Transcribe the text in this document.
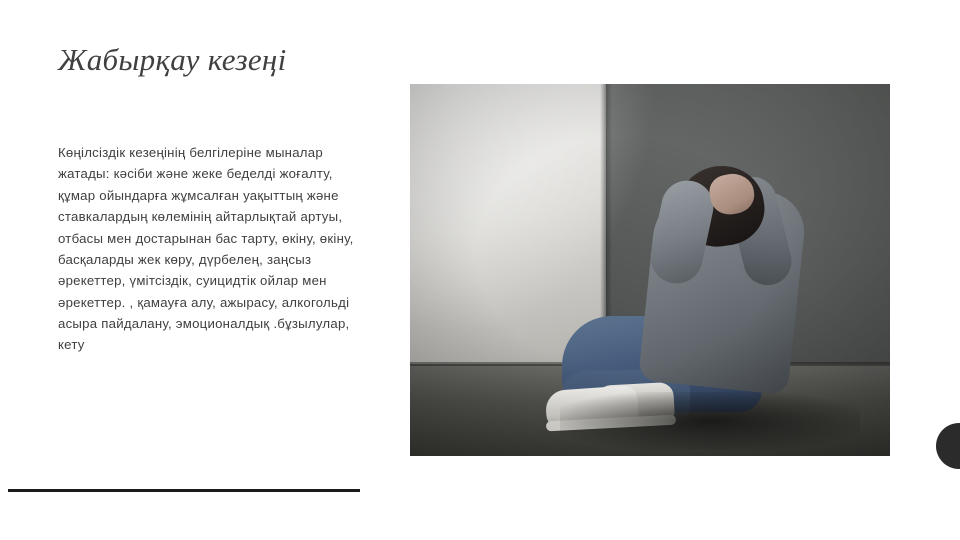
Жабырқау кезеңі
Көңілсіздік кезеңінің белгілеріне мыналар жатады: кәсіби және жеке беделді жоғалту, құмар ойындарға жұмсалған уақыттың және ставкалардың көлемінің айтарлықтай артуы, отбасы мен достарынан бас тарту, өкіну, өкіну, басқаларды жек көру, дүрбелең, заңсыз әрекеттер, үмітсіздік, суицидтік ойлар мен әрекеттер. , қамауға алу, ажырасу, алкогольді асыра пайдалану, эмоционалдық .бұзылулар, кету
